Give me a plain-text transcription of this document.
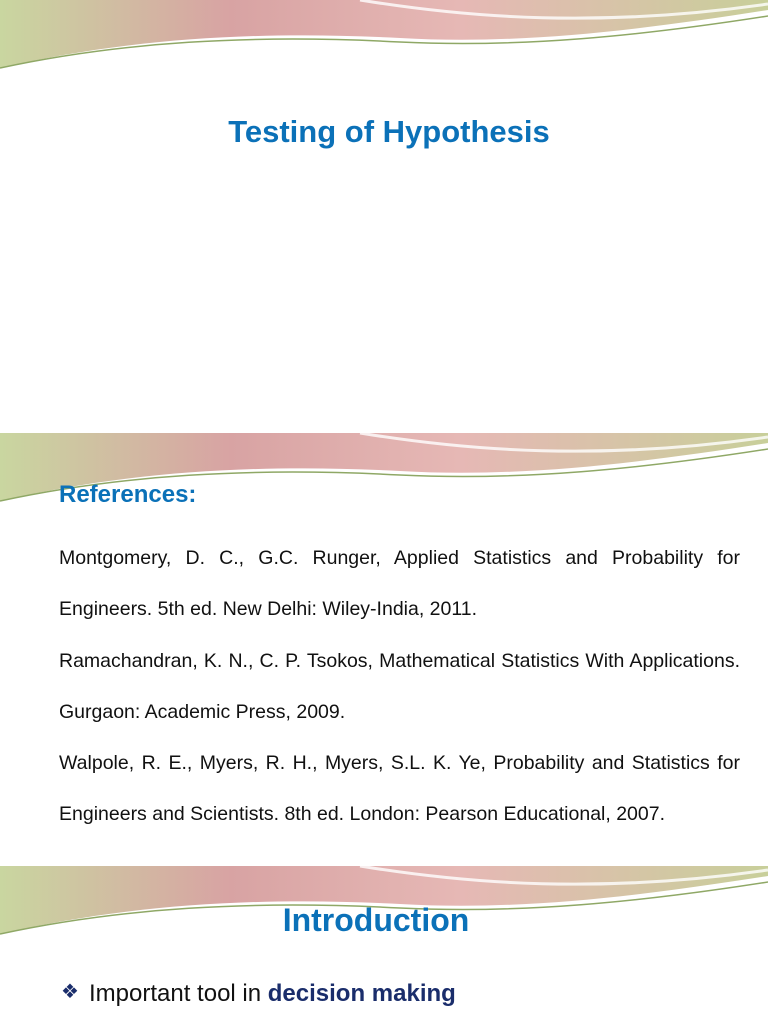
Testing of Hypothesis
References:
Montgomery, D. C., G.C. Runger, Applied Statistics and Probability for Engineers. 5th ed. New Delhi: Wiley-India, 2011.
Ramachandran, K. N., C. P. Tsokos, Mathematical Statistics With Applications. Gurgaon: Academic Press, 2009.
Walpole, R. E., Myers, R. H., Myers, S.L. K. Ye, Probability and Statistics for Engineers and Scientists. 8th ed. London: Pearson Educational, 2007.
Introduction
❖ Important tool in decision making
